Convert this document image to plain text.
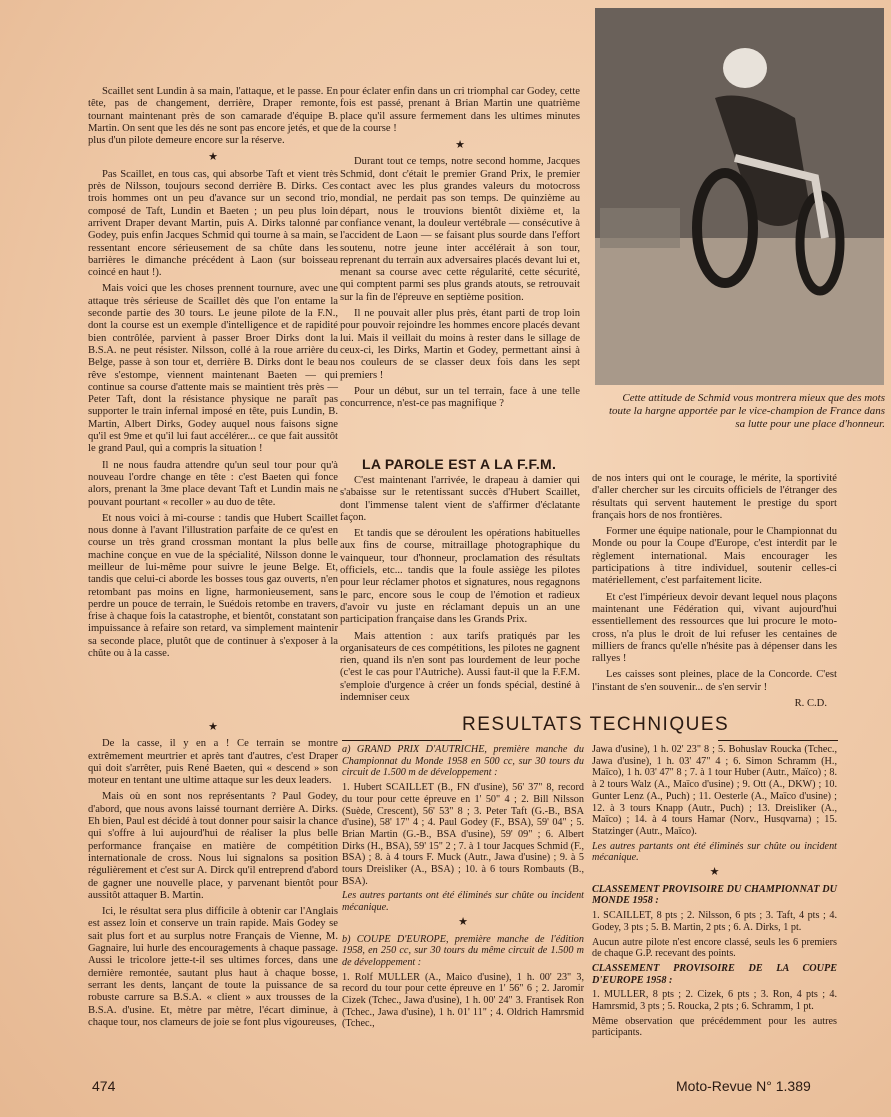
Scaillet sent Lundin à sa main, l'attaque, et le passe. En tête, pas de changement, derrière, Draper remonte, tournant maintenant près de son camarade d'équipe B. Martin. On sent que les dés ne sont pas encore jetés, et que plus d'un pilote demeure encore sur la réserve.

★

Pas Scaillet, en tous cas, qui absorbe Taft et vient très près de Nilsson, toujours second derrière B. Dirks. Ces trois hommes ont un peu d'avance sur un second trio, composé de Taft, Lundin et Baeten ; un peu plus loin arrivent Draper devant Martin, puis A. Dirks talonné par Godey, puis enfin Jacques Schmid qui tourne à sa main, se ressentant encore sérieusement de sa chûte dans les barrières le dimanche précédent à Laon (sur boisseau coincé en haut !).

Mais voici que les choses prennent tournure, avec une attaque très sérieuse de Scaillet dès que l'on entame la seconde partie des 30 tours. Le jeune pilote de la F.N., dont la course est un exemple d'intelligence et de rapidité bien contrôlée, parvient à passer Broer Dirks dont la B.S.A. ne peut résister. Nilsson, collé à la roue arrière du Belge, passe à son tour et, derrière B. Dirks dont le beau rêve s'estompe, viennent maintenant Baeten — qui continue sa course d'attente mais se maintient très près — Peter Taft, dont la résistance physique ne paraît pas supporter le train infernal imposé en tête, puis Lundin, B. Martin, Albert Dirks, Godey auquel nous faisons signe qu'il est 9me et qu'il lui faut accélérer... ce que fait aussitôt le grand Paul, qui a compris la situation !

Il ne nous faudra attendre qu'un seul tour pour qu'à nouveau l'ordre change en tête : c'est Baeten qui fonce alors, prenant la 3me place devant Taft et Lundin mais ne pouvant pourtant « recoller » au duo de tête.

Et nous voici à mi-course : tandis que Hubert Scaillet nous donne à l'avant l'illustration parfaite de ce qu'est en course un très grand crossman montant la plus belle machine conçue en vue de la spécialité, Nilsson donne le meilleur de lui-même pour suivre le jeune Belge. Et, tandis que celui-ci aborde les bosses tous gaz ouverts, n'en retombant pas moins en ligne, harmonieusement, sans perdre un pouce de terrain, le Suédois retombe en travers, frise à chaque fois la catastrophe, et bientôt, constatant son impuissance à refaire son retard, va simplement maintenir sa seconde place, plutôt que de continuer à s'exposer à la chûte ou à la casse.

pour éclater enfin dans un cri triomphal car Godey, cette fois est passé, prenant à Brian Martin une quatrième place qu'il assure fermement dans les ultimes minutes de la course !

★

Durant tout ce temps, notre second homme, Jacques Schmid, dont c'était le premier Grand Prix, le premier contact avec les plus grandes valeurs du motocross mondial, ne perdait pas son temps. De quinzième au départ, nous le trouvions bientôt dixième et, la confiance venant, la douleur vertébrale — consécutive à l'accident de Laon — se faisant plus sourde dans l'effort soutenu, notre jeune inter accélérait à son tour, reprenant du terrain aux adversaires placés devant lui et, menant sa course avec cette régularité, cette sécurité, qui comptent parmi ses plus grands atouts, se retrouvait sur la fin de l'épreuve en septième position.

Il ne pouvait aller plus près, étant parti de trop loin pour pouvoir rejoindre les hommes encore placés devant lui. Mais il veillait du moins à rester dans le sillage de ceux-ci, les Dirks, Martin et Godey, permettant ainsi à nos couleurs de se classer deux fois dans les sept premiers !

Pour un début, sur un tel terrain, face à une telle concurrence, n'est-ce pas magnifique ?	Cette attitude de Schmid vous montrera mieux que des mots toute la hargne apportée par le vice-champion de France dans sa lutte pour une place d'honneur.
LA PAROLE EST A LA F.F.M.

C'est maintenant l'arrivée, le drapeau à damier qui s'abaisse sur le retentissant succès d'Hubert Scaillet, dont l'immense talent vient de s'affirmer d'éclatante façon.

Et tandis que se déroulent les opérations habituelles aux fins de course, mitraillage photographique du vainqueur, tour d'honneur, proclamation des résultats officiels, etc... tandis que la foule assiège les pilotes pour leur réclamer photos et signatures, nous regagnons le parc, encore sous le coup de l'émotion et radieux d'avoir vu juste en réclamant depuis un an une participation française dans les Grands Prix.

Mais attention : aux tarifs pratiqués par les organisateurs de ces compétitions, les pilotes ne gagnent rien, quand ils n'en sont pas lourdement de leur poche (c'est le cas pour l'Autriche). Aussi faut-il que la F.F.M. s'emploie d'urgence à créer un fonds spécial, destiné à indemniser ceux

de nos inters qui ont le courage, le mérite, la sportivité d'aller chercher sur les circuits officiels de l'étranger des résultats qui servent hautement le prestige du sport français hors de nos frontières.

Former une équipe nationale, pour le Championnat du Monde ou pour la Coupe d'Europe, c'est interdit par le règlement international. Mais encourager les participations à titre individuel, soutenir celles-ci matériellement, c'est parfaitement licite.

Et c'est l'impérieux devoir devant lequel nous plaçons maintenant une Fédération qui, vivant aujourd'hui essentiellement des ressources que lui procure le moto-cross, n'a plus le droit de lui refuser les centaines de milliers de francs qu'elle n'hésite pas à dépenser dans les rallyes !

Les caisses sont pleines, place de la Concorde. C'est l'instant de s'en souvenir... de s'en servir !

R. C.D.
★

De la casse, il y en a ! Ce terrain se montre extrêmement meurtrier et après tant d'autres, c'est Draper qui doit s'arrêter, puis René Baeten, qui « descend » son moteur en tentant une ultime attaque sur les deux leaders.

Mais où en sont nos représentants ? Paul Godey, d'abord, que nous avons laissé tournant derrière A. Dirks. Eh bien, Paul est décidé à tout donner pour saisir la chance qui s'offre à lui aujourd'hui de réaliser la plus belle performance française en matière de compétition internationale de cross. Nous lui signalons sa position régulièrement et c'est sur A. Dirck qu'il entreprend d'abord de gagner une nouvelle place, y parvenant bientôt pour aussitôt attaquer B. Martin.

Ici, le résultat sera plus difficile à obtenir car l'Anglais est assez loin et conserve un train rapide. Mais Godey se sait plus fort et au surplus notre Français de Vienne, M. Gagnaire, lui hurle des encouragements à chaque passage. Aussi le tricolore jette-t-il ses ultimes forces, dans une dernière remontée, sautant plus haut à chaque bosse, serrant les dents, lançant de toute la puissance de sa robuste carrure sa B.S.A. « client » aux trousses de la B.S.A. d'usine. Et, mètre par mètre, l'écart diminue, à chaque tour, nos clameurs de joie se font plus vigoureuses,

RESULTATS TECHNIQUES

a) GRAND PRIX D'AUTRICHE, première manche du Championnat du Monde 1958 en 500 cc, sur 30 tours du circuit de 1.500 m de développement :

1. Hubert SCAILLET (B., FN d'usine), 56' 37" 8, record du tour pour cette épreuve en 1' 50" 4 ; 2. Bill Nilsson (Suède, Crescent), 56' 53" 8 ; 3. Peter Taft (G.-B., BSA d'usine), 58' 17" 4 ; 4. Paul Godey (F., BSA), 59' 04" ; 5. Brian Martin (G.-B., BSA d'usine), 59' 09" ; 6. Albert Dirks (H., BSA), 59' 15" 2 ; 7. à 1 tour Jacques Schmid (F., BSA) ; 8. à 4 tours F. Muck (Autr., Jawa d'usine) ; 9. à 5 tours Dreisliker (A., BSA) ; 10. à 6 tours Rombauts (B., BSA).

Les autres partants ont été éliminés sur chûte ou incident mécanique.

★

b) COUPE D'EUROPE, première manche de l'édition 1958, en 250 cc, sur 30 tours du même circuit de 1.500 m de développement :

1. Rolf MULLER (A., Maico d'usine), 1 h. 00' 23" 3, record du tour pour cette épreuve en 1' 56" 6 ; 2. Jaromir Cizek (Tchec., Jawa d'usine), 1 h. 00' 24" 3. Frantisek Ron (Tchec., Jawa d'usine), 1 h. 01' 11" ; 4. Oldrich Hamrsmid (Tchec.,

Jawa d'usine), 1 h. 02' 23" 8 ; 5. Bohuslav Roucka (Tchec., Jawa d'usine), 1 h. 03' 47" 4 ; 6. Simon Schramm (H., Maïco), 1 h. 03' 47" 8 ; 7. à 1 tour Huber (Autr., Maïco) ; 8. à 2 tours Walz (A., Maïco d'usine) ; 9. Ott (A., DKW) ; 10. Gunter Lenz (A., Puch) ; 11. Oesterle (A., Maïco d'usine) ; 12. à 3 tours Knapp (Autr., Puch) ; 13. Dreisliker (A., Maïco) ; 14. à 4 tours Hamar (Norv., Husqvarna) ; 15. Statzinger (Autr., Maïco).

Les autres partants ont été éliminés sur chûte ou incident mécanique.

★

CLASSEMENT PROVISOIRE DU CHAMPIONNAT DU MONDE 1958 :

1. SCAILLET, 8 pts ; 2. Nilsson, 6 pts ; 3. Taft, 4 pts ; 4. Godey, 3 pts ; 5. B. Martin, 2 pts ; 6. A. Dirks, 1 pt.

Aucun autre pilote n'est encore classé, seuls les 6 premiers de chaque G.P. recevant des points.

CLASSEMENT PROVISOIRE DE LA COUPE D'EUROPE 1958 :

1. MULLER, 8 pts ; 2. Cizek, 6 pts ; 3. Ron, 4 pts ; 4. Hamrsmid, 3 pts ; 5. Roucka, 2 pts ; 6. Schramm, 1 pt.

Même observation que précédemment pour les autres participants.

474	Moto-Revue N° 1.389
